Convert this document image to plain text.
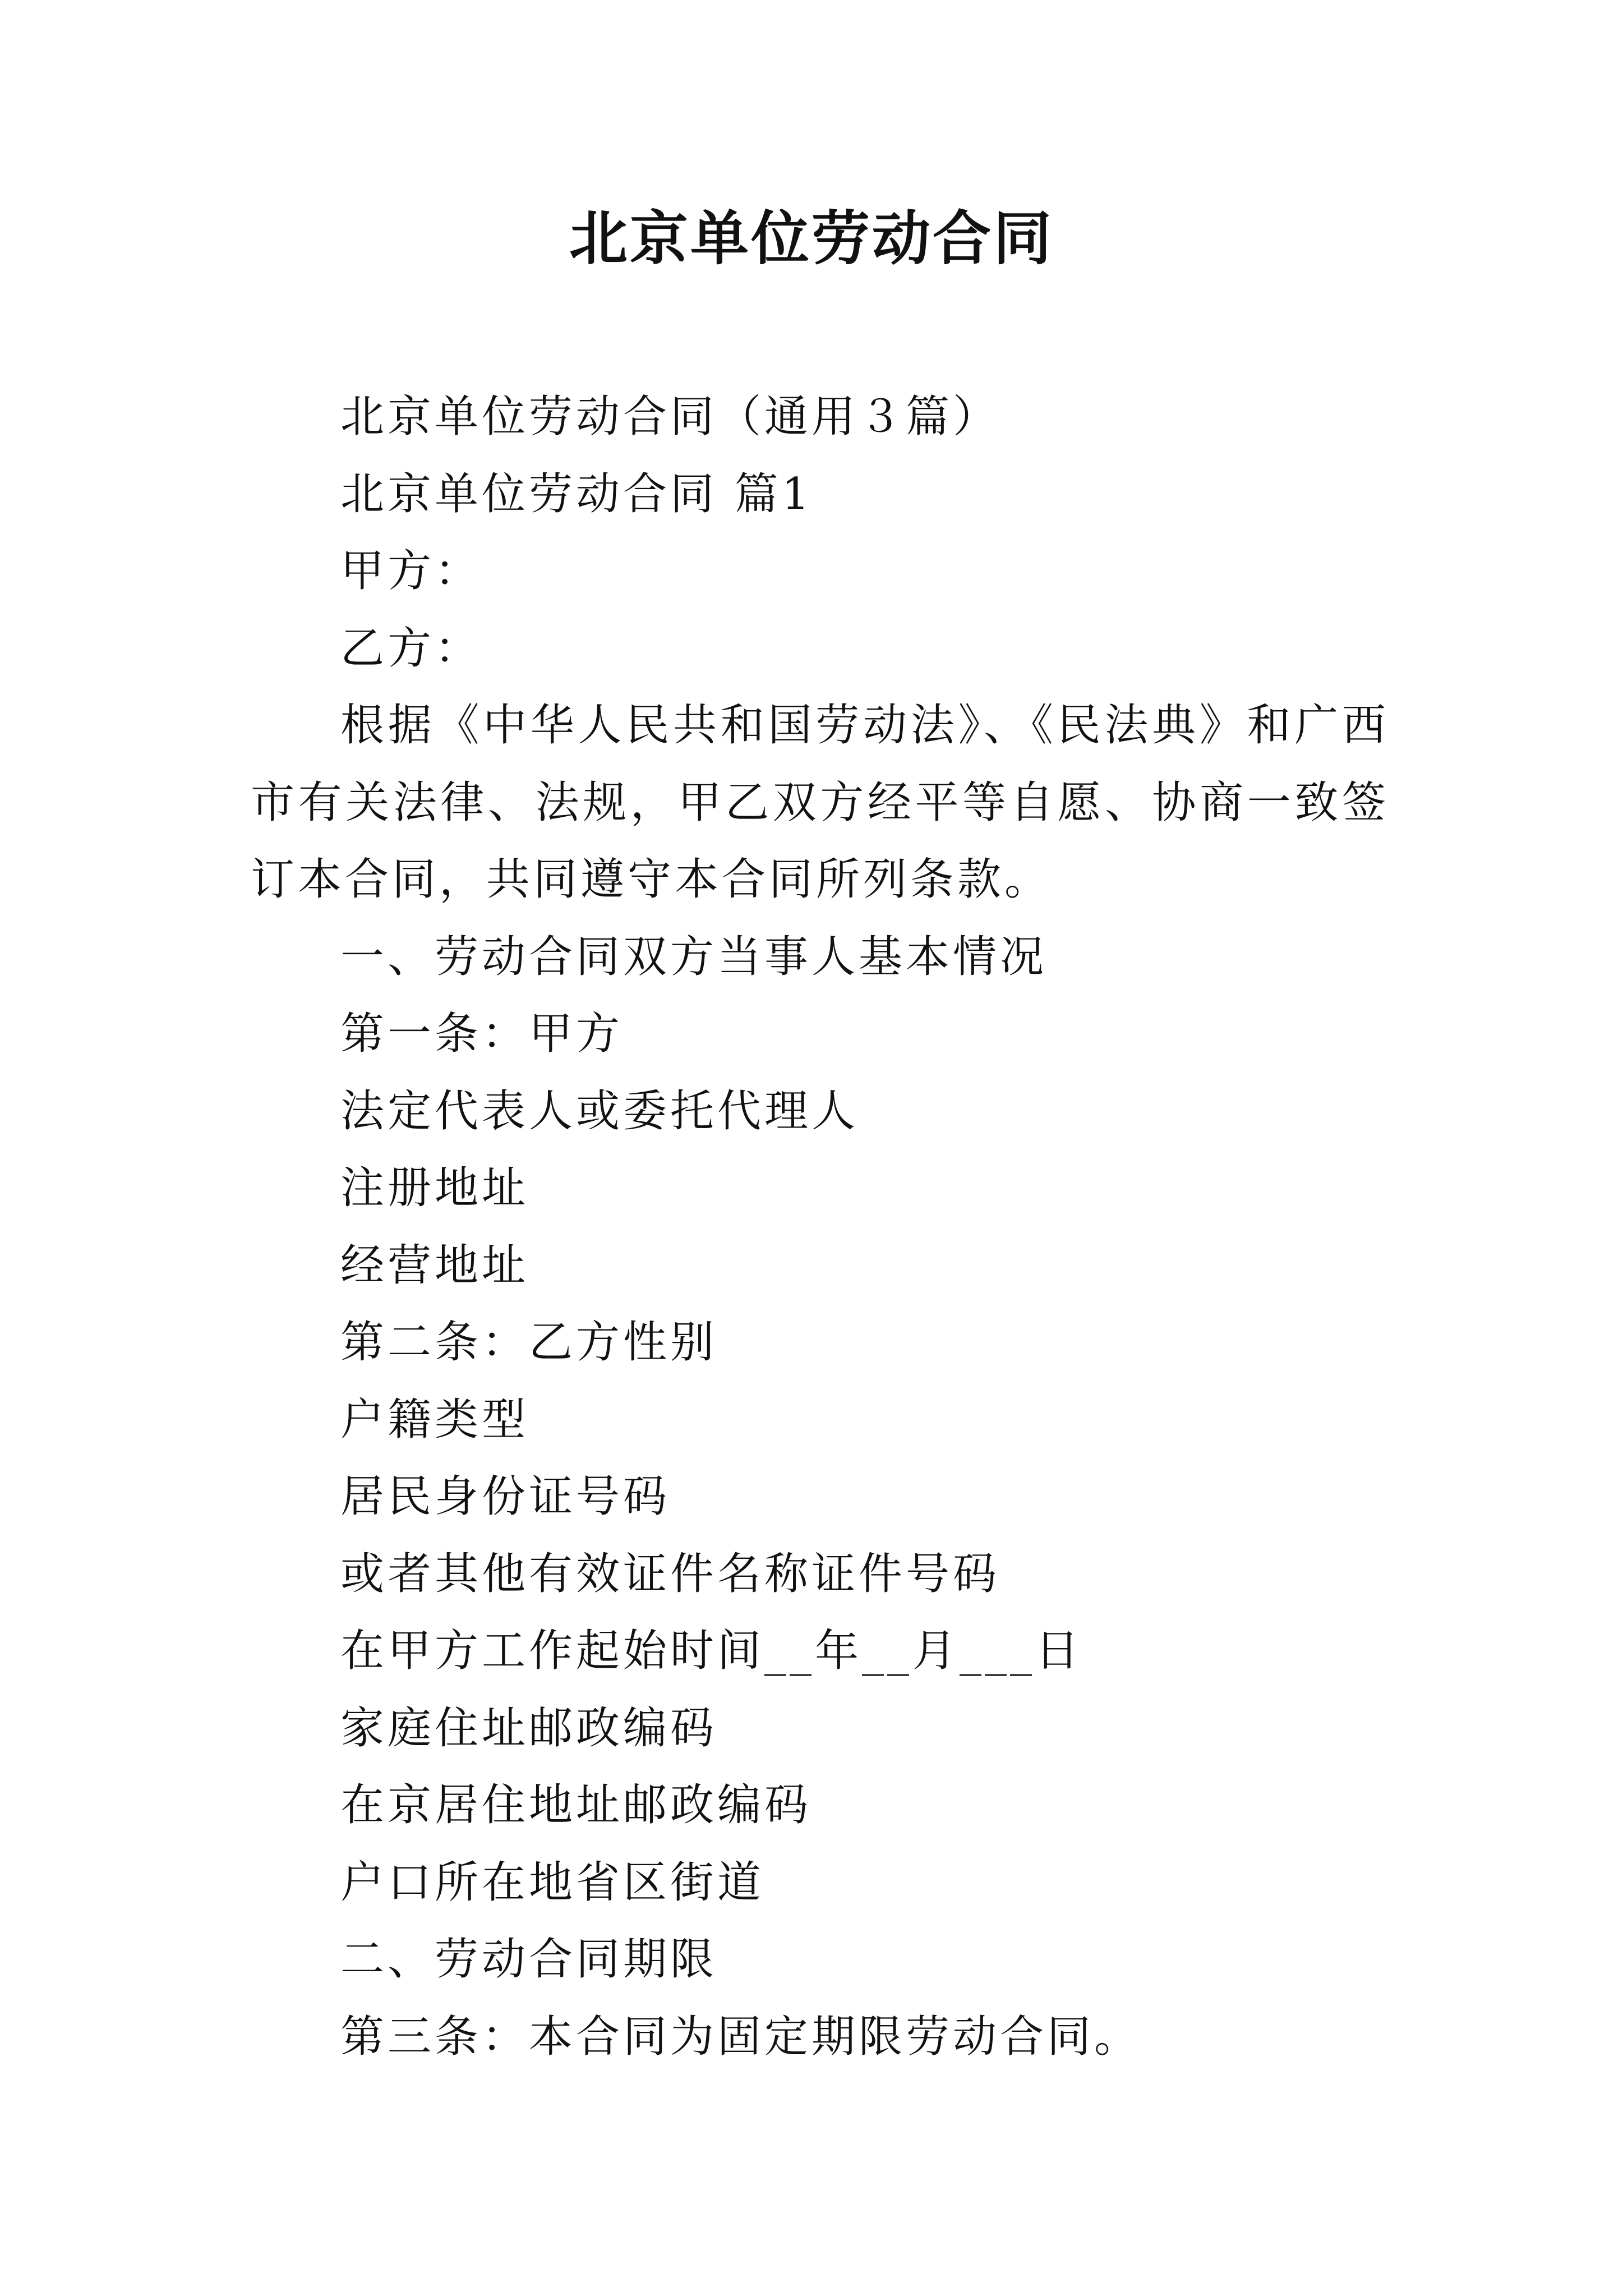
北京单位劳动合同

北京单位劳动合同（通用３篇）

北京单位劳动合同 篇1

甲方：

乙方：

根据《中华人民共和国劳动法》、《民法典》和广西市有关法律、法规，甲乙双方经平等自愿、协商一致签订本合同，共同遵守本合同所列条款。

一、劳动合同双方当事人基本情况

第一条：甲方

法定代表人或委托代理人

注册地址

经营地址

第二条：乙方性别

户籍类型

居民身份证号码

或者其他有效证件名称证件号码

在甲方工作起始时间__年__月___日

家庭住址邮政编码

在京居住地址邮政编码

户口所在地省区街道

二、劳动合同期限

第三条：本合同为固定期限劳动合同。
